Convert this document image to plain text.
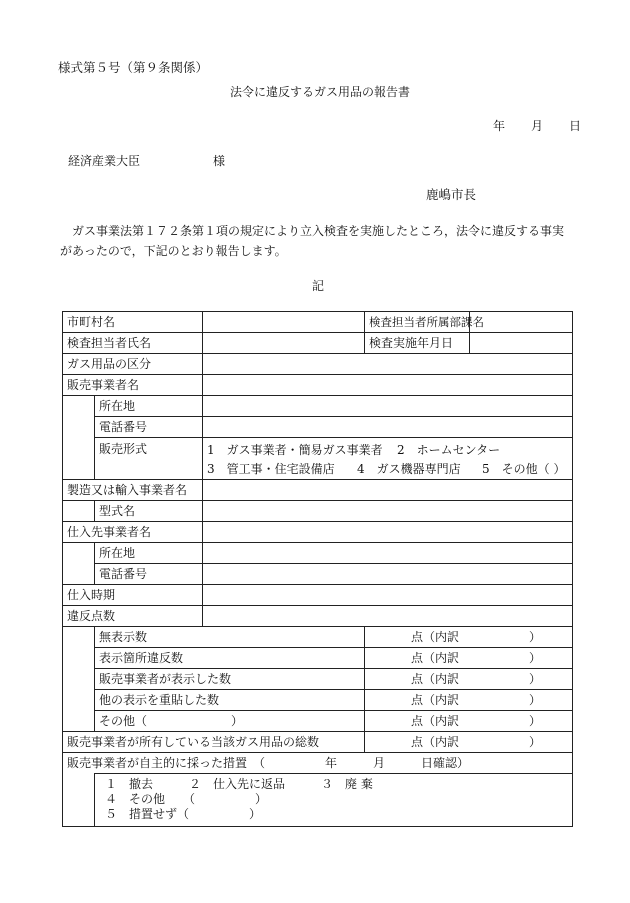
様式第５号（第９条関係）
法令に違反するガス用品の報告書
年 月 日
経済産業大臣	様
鹿嶋市長

ガス事業法第１７２条第１項の規定により立入検査を実施したところ，法令に違反する事実

があったので，下記のとおり報告します。

記
市町村名			検査担当者所属部課名	
検査担当者氏名			検査実施年月日	
ガス用品の区分				
販売事業者名				
	所在地			
	電話番号			
	販売形式	1　ガス事業者・簡易ガス事業者 2　ホームセンター
3　管工事・住宅設備店 4　ガス機器専門店 5　その他（ ）		

製造又は輸入事業者名				
	型式名			
仕入先事業者名				
	所在地			
	電話番号			
仕入時期				
違反点数				
	無表示数		点（内訳 ）	
	表示箇所違反数		点（内訳 ）	
	販売事業者が表示した数		点（内訳 ）	
	他の表示を重貼した数		点（内訳 ）	
	その他（　　　　　　　）		点（内訳 ）	
販売事業者が所有している当該ガス用品の総数			点（内訳 ）	
販売事業者が自主的に採った措置　（　　　　　年　　　月　　　日確認）				

	１　撤去　　　２　仕入先に返品　　　３　廃 棄
４　その他　　（　　　　　）
５　措置せず（　　　　　）			
